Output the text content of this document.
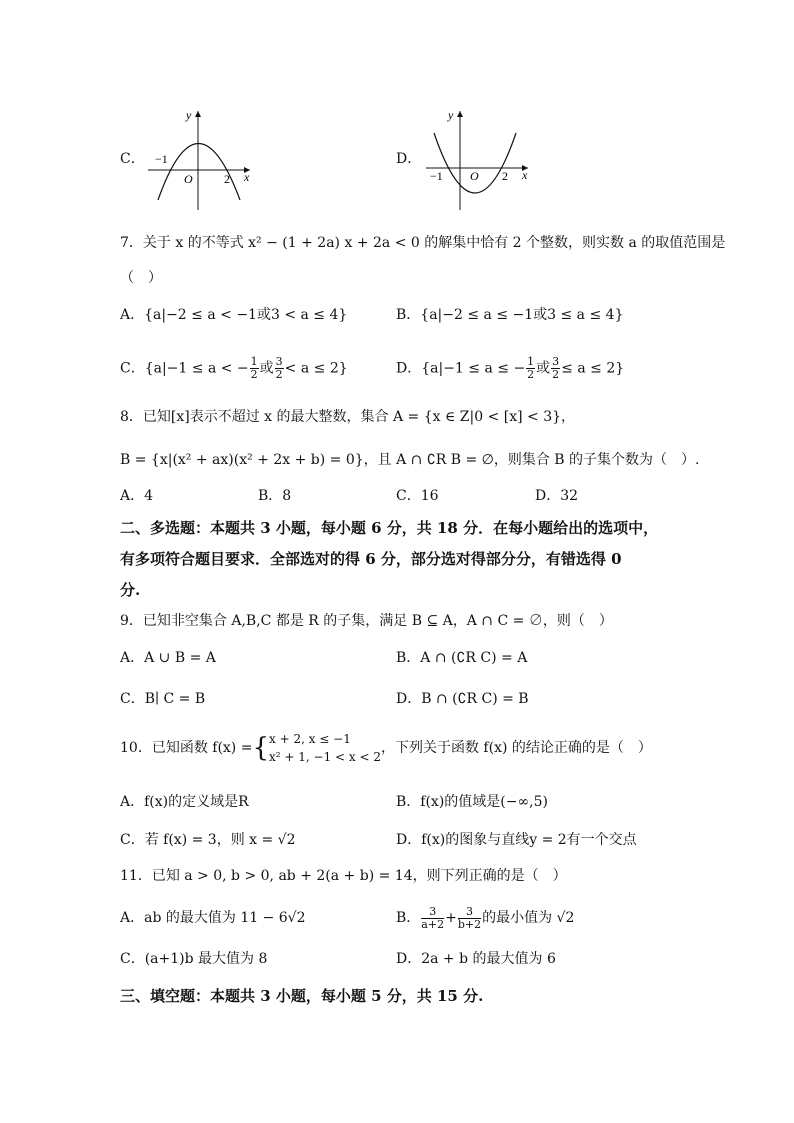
C．
y
x
−1
O	2
D．
y
x
−1 O 2
7．关于 x 的不等式 x² − (1 + 2a) x + 2a < 0 的解集中恰有 2 个整数，则实数 a 的取值范围是
（　）
A．{a|−2 ≤ a < −1或3 < a ≤ 4}	B．{a|−2 ≤ a ≤ −1或3 ≤ a ≤ 4}
C．{a|−1 ≤ a < − $\frac{1}{2}$ 或 $\frac{3}{2} < a \le 2$}	D．{a|−1 ≤ a ≤ − $\frac{1}{2}$ 或 $\frac{3}{2} \le a \le 2$}
8．已知[x]表示不超过 x 的最大整数，集合 A = {x ∈ Z|0 < [x] < 3}，
B = {x|(x² + ax)(x² + 2x + b) = 0}，且 A ∩ ∁R B = ∅，则集合 B 的子集个数为（　）.
A．4	B．8	C．16	D．32
二、多选题：本题共 3 小题，每小题 6 分，共 18 分．在每小题给出的选项中，
有多项符合题目要求．全部选对的得 6 分，部分选对得部分分，有错选得 0
分.
9．已知非空集合 A,B,C 都是 R 的子集，满足 B ⊆ A，A ∩ C = ∅，则（　）
A．A ∪ B = A	B．A ∩ (∁R C) = A
C．B∣ C = B	D．B ∩ (∁R C) = B
10．已知函数 f(x) = { x + 2, x ≤ −1
x² + 1, −1 < x < 2
，下列关于函数 f(x) 的结论正确的是（　）
A．f(x)的定义域是R	B．f(x)的值域是(−∞,5)
C．若 f(x) = 3，则 x = √2	D．f(x)的图象与直线y = 2有一个交点
11．已知 a > 0, b > 0, ab + 2(a + b) = 14，则下列正确的是（　）
A．ab 的最大值为 11 − 6√2	B． $\frac{3}{a+2} + \frac{3}{b+2}$ 的最小值为 √2
C．(a+1)b 最大值为 8	D．2a + b 的最大值为 6
三、填空题：本题共 3 小题，每小题 5 分，共 15 分.
